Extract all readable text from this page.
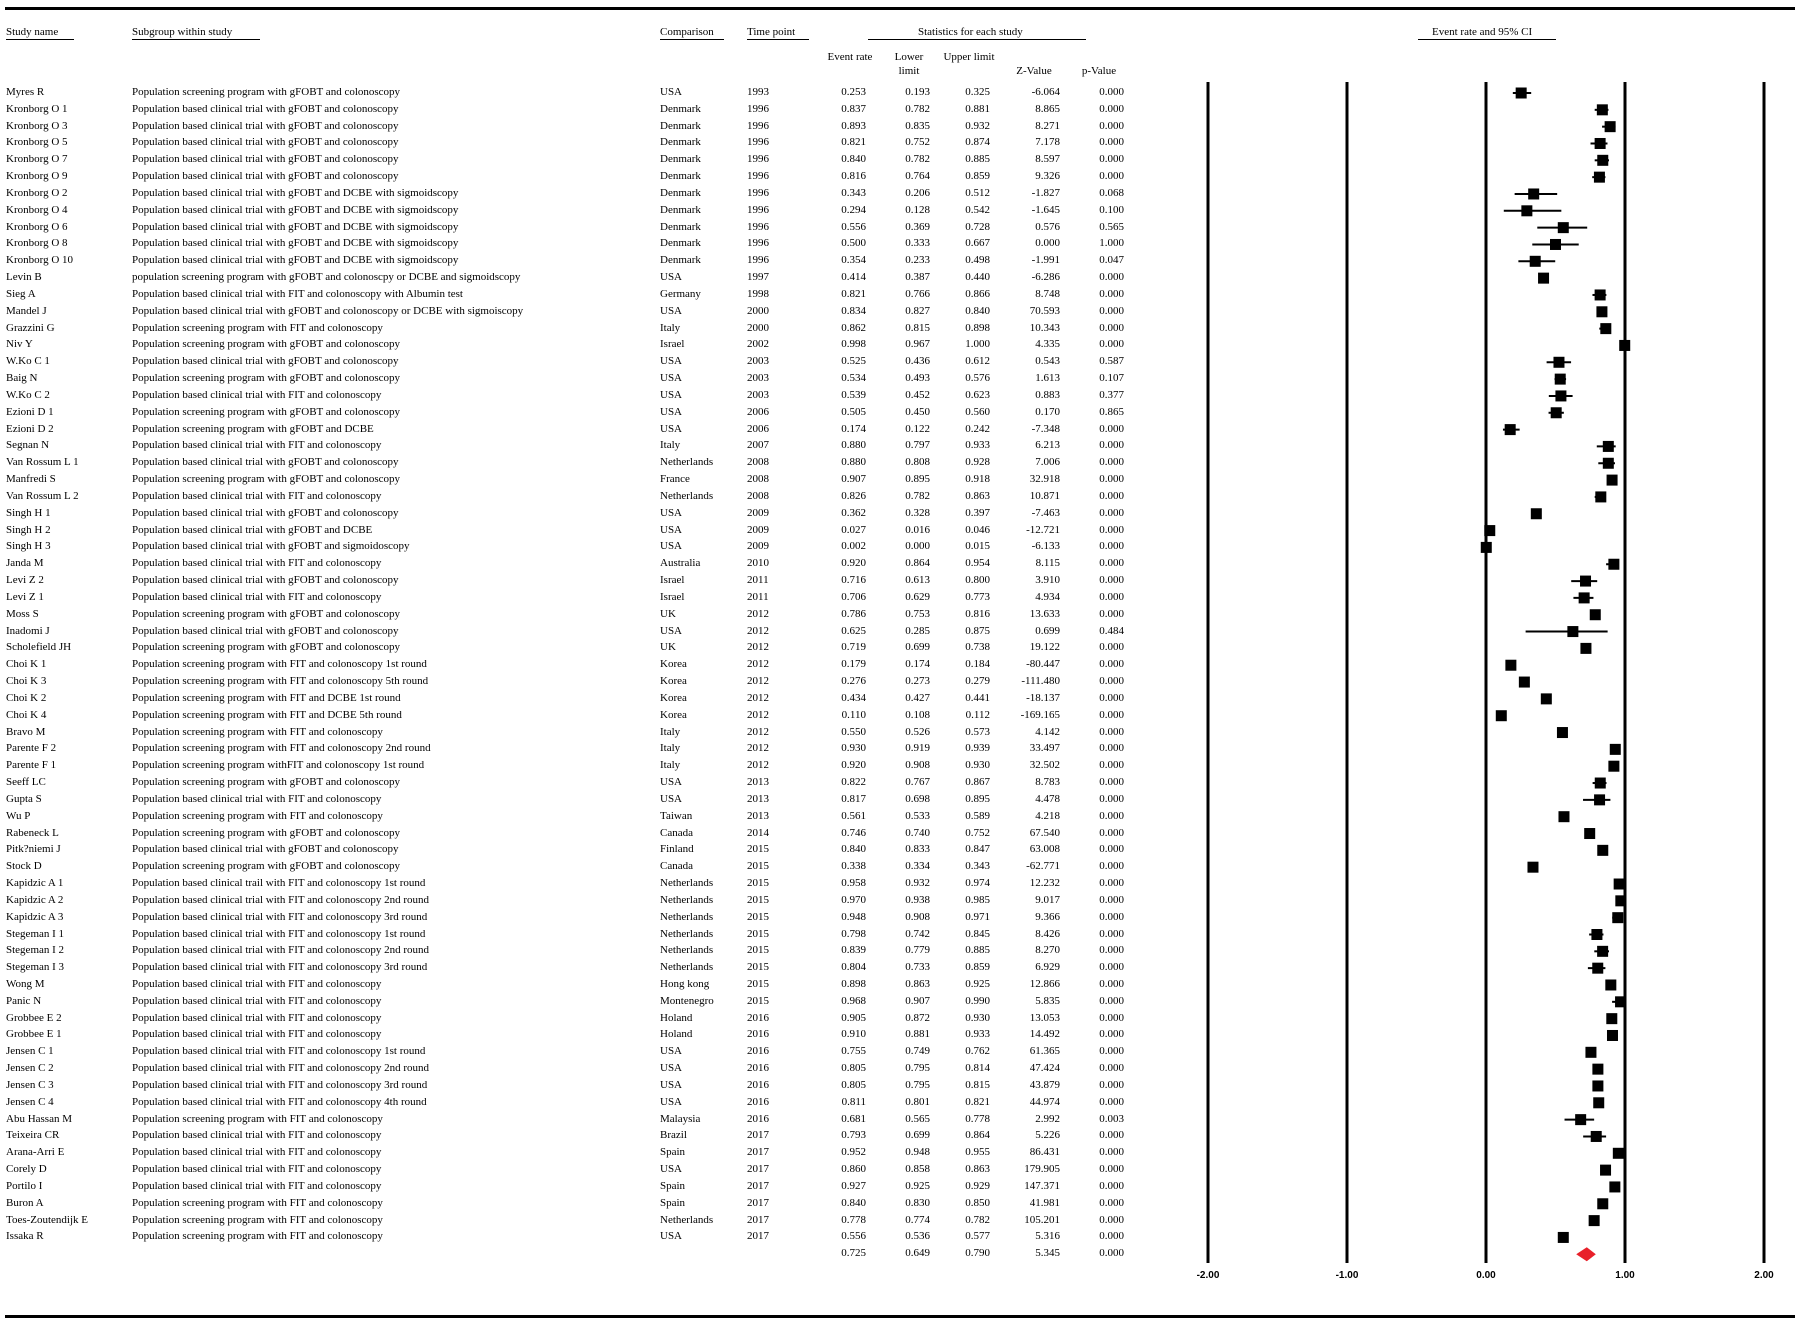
Study name	Subgroup within study	Comparison	Time point	Statistics for each study	Event rate and 95% CI
Event rate	Lower limit
Upper limit
Z-Value	p-Value
Myres R	Population screening program with gFOBT and colonoscopy	USA	1993	0.253	0.193	0.325	-6.064	0.000
Kronborg O 1	Population based clinical trial with gFOBT and colonoscopy	Denmark	1996	0.837	0.782	0.881	8.865	0.000
Kronborg O 3	Population based clinical trial with gFOBT and colonoscopy	Denmark	1996	0.893	0.835	0.932	8.271	0.000
Kronborg O 5	Population based clinical trial with gFOBT and colonoscopy	Denmark	1996	0.821	0.752	0.874	7.178	0.000
Kronborg O 7	Population based clinical trial with gFOBT and colonoscopy	Denmark	1996	0.840	0.782	0.885	8.597	0.000
Kronborg O 9	Population based clinical trial with gFOBT and colonoscopy	Denmark	1996	0.816	0.764	0.859	9.326	0.000
Kronborg O 2	Population based clinical trial with gFOBT and DCBE with sigmoidscopy	Denmark	1996	0.343	0.206	0.512	-1.827	0.068
Kronborg O 4	Population based clinical trial with gFOBT and DCBE with sigmoidscopy	Denmark	1996	0.294	0.128	0.542	-1.645	0.100
Kronborg O 6	Population based clinical trial with gFOBT and DCBE with sigmoidscopy	Denmark	1996	0.556	0.369	0.728	0.576	0.565
Kronborg O 8	Population based clinical trial with gFOBT and DCBE with sigmoidscopy	Denmark	1996	0.500	0.333	0.667	0.000	1.000
Kronborg O 10	Population based clinical trial with gFOBT and DCBE with sigmoidscopy	Denmark	1996	0.354	0.233	0.498	-1.991	0.047
Levin B	population screening program with gFOBT and colonoscpy or DCBE and sigmoidscopy	USA	1997	0.414	0.387	0.440	-6.286	0.000
Sieg A	Population based clinical trial with FIT and colonoscopy with Albumin test	Germany	1998	0.821	0.766	0.866	8.748	0.000
Mandel J	Population based clinical trial with gFOBT and colonoscopy or DCBE with sigmoiscopy	USA	2000	0.834	0.827	0.840	70.593	0.000
Grazzini G	Population screening program with FIT and colonoscopy	Italy	2000	0.862	0.815	0.898	10.343	0.000
Niv Y	Population screening program with gFOBT and colonoscopy	Israel	2002	0.998	0.967	1.000	4.335	0.000
W.Ko C 1	Population based clinical trial with gFOBT and colonoscopy	USA	2003	0.525	0.436	0.612	0.543	0.587
Baig N	Population screening program with gFOBT and colonoscopy	USA	2003	0.534	0.493	0.576	1.613	0.107
W.Ko C 2	Population based clinical trial with FIT and colonoscopy	USA	2003	0.539	0.452	0.623	0.883	0.377
Ezioni D 1	Population screening program with gFOBT and colonoscopy	USA	2006	0.505	0.450	0.560	0.170	0.865
Ezioni D 2	Population screening program with gFOBT and DCBE	USA	2006	0.174	0.122	0.242	-7.348	0.000
Segnan N	Population based clinical trial with FIT and colonoscopy	Italy	2007	0.880	0.797	0.933	6.213	0.000
Van Rossum L 1	Population based clinical trial with gFOBT and colonoscopy	Netherlands	2008	0.880	0.808	0.928	7.006	0.000
Manfredi S	Population screening program with gFOBT and colonoscopy	France	2008	0.907	0.895	0.918	32.918	0.000
Van Rossum L 2	Population based clinical trial with FIT and colonoscopy	Netherlands	2008	0.826	0.782	0.863	10.871	0.000
Singh H 1	Population based clinical trial with gFOBT and colonoscopy	USA	2009	0.362	0.328	0.397	-7.463	0.000
Singh H 2	Population based clinical trial with gFOBT and DCBE	USA	2009	0.027	0.016	0.046	-12.721	0.000
Singh H 3	Population based clinical trial with gFOBT and sigmoidoscopy	USA	2009	0.002	0.000	0.015	-6.133	0.000
Janda M	Population based clinical trial with FIT and colonoscopy	Australia	2010	0.920	0.864	0.954	8.115	0.000
Levi Z 2	Population based clinical trial with gFOBT and colonoscopy	Israel	2011	0.716	0.613	0.800	3.910	0.000
Levi Z 1	Population based clinical trial with FIT and colonoscopy	Israel	2011	0.706	0.629	0.773	4.934	0.000
Moss S	Population screening program with gFOBT and colonoscopy	UK	2012	0.786	0.753	0.816	13.633	0.000
Inadomi J	Population based clinical trial with gFOBT and colonoscopy	USA	2012	0.625	0.285	0.875	0.699	0.484
Scholefield JH	Population screening program with gFOBT and colonoscopy	UK	2012	0.719	0.699	0.738	19.122	0.000
Choi K 1	Population screening program with FIT and colonoscopy 1st round	Korea	2012	0.179	0.174	0.184	-80.447	0.000
Choi K 3	Population screening program with FIT and colonoscopy 5th round	Korea	2012	0.276	0.273	0.279	-111.480	0.000
Choi K 2	Population screening program with FIT and DCBE 1st round	Korea	2012	0.434	0.427	0.441	-18.137	0.000
Choi K 4	Population screening program with FIT and DCBE 5th round	Korea	2012	0.110	0.108	0.112	-169.165	0.000
Bravo M	Population screening program with FIT and colonoscopy	Italy	2012	0.550	0.526	0.573	4.142	0.000
Parente F 2	Population screening program with FIT and colonoscopy 2nd round	Italy	2012	0.930	0.919	0.939	33.497	0.000
Parente F 1	Population screening program withFIT and colonoscopy 1st round	Italy	2012	0.920	0.908	0.930	32.502	0.000
Seeff LC	Population screening program with gFOBT and colonoscopy	USA	2013	0.822	0.767	0.867	8.783	0.000
Gupta S	Population based clinical trial with FIT and colonoscopy	USA	2013	0.817	0.698	0.895	4.478	0.000
Wu P	Population screening program with FIT and colonoscopy	Taiwan	2013	0.561	0.533	0.589	4.218	0.000
Rabeneck L	Population screening program with gFOBT and colonoscopy	Canada	2014	0.746	0.740	0.752	67.540	0.000
Pitk?niemi J	Population based clinical trial with gFOBT and colonoscopy	Finland	2015	0.840	0.833	0.847	63.008	0.000
Stock D	Population screening program with gFOBT and colonoscopy	Canada	2015	0.338	0.334	0.343	-62.771	0.000
Kapidzic A 1	Population based clinical trail with FIT and colonoscopy 1st round	Netherlands	2015	0.958	0.932	0.974	12.232	0.000
Kapidzic A 2	Population based clinical trial with FIT and colonoscopy 2nd round	Netherlands	2015	0.970	0.938	0.985	9.017	0.000
Kapidzic A 3	Population based clinical trial with FIT and colonoscopy 3rd round	Netherlands	2015	0.948	0.908	0.971	9.366	0.000
Stegeman I 1	Population based clinical trial with FIT and colonoscopy 1st round	Netherlands	2015	0.798	0.742	0.845	8.426	0.000
Stegeman I 2	Population based clinical trial with FIT and colonoscopy 2nd round	Netherlands	2015	0.839	0.779	0.885	8.270	0.000
Stegeman I 3	Population based clinical trial with FIT and colonoscopy 3rd round	Netherlands	2015	0.804	0.733	0.859	6.929	0.000
Wong M	Population based clinical trial with FIT and colonoscopy	Hong kong	2015	0.898	0.863	0.925	12.866	0.000
Panic N	Population based clinical trial with FIT and colonoscopy	Montenegro	2015	0.968	0.907	0.990	5.835	0.000
Grobbee E 2	Population based clinical trial with FIT and colonoscopy	Holand	2016	0.905	0.872	0.930	13.053	0.000
Grobbee E 1	Population based clinical trial with FIT and colonoscopy	Holand	2016	0.910	0.881	0.933	14.492	0.000
Jensen C 1	Population based clinical trial with FIT and colonoscopy 1st round	USA	2016	0.755	0.749	0.762	61.365	0.000
Jensen C 2	Population based clinical trial with FIT and colonoscopy 2nd round	USA	2016	0.805	0.795	0.814	47.424	0.000
Jensen C 3	Population based clinical trial with FIT and colonoscopy 3rd round	USA	2016	0.805	0.795	0.815	43.879	0.000
Jensen C 4	Population based clinical trial with FIT and colonoscopy 4th round	USA	2016	0.811	0.801	0.821	44.974	0.000
Abu Hassan M	Population screening program with FIT and colonoscopy	Malaysia	2016	0.681	0.565	0.778	2.992	0.003
Teixeira CR	Population based clinical trial with FIT and colonoscopy	Brazil	2017	0.793	0.699	0.864	5.226	0.000
Arana-Arri E	Population based clinical trial with FIT and colonoscopy	Spain	2017	0.952	0.948	0.955	86.431	0.000
Corely D	Population based clinical trial with FIT and colonoscopy	USA	2017	0.860	0.858	0.863	179.905	0.000
Portilo I	Population based clinical trial with FIT and colonoscopy	Spain	2017	0.927	0.925	0.929	147.371	0.000
Buron A	Population screening program with FIT and colonoscopy	Spain	2017	0.840	0.830	0.850	41.981	0.000
Toes-Zoutendijk E	Population screening program with FIT and colonoscopy	Netherlands	2017	0.778	0.774	0.782	105.201	0.000
Issaka R	Population screening program with FIT and colonoscopy	USA	2017	0.556	0.536	0.577	5.316	0.000
0.725	0.649	0.790	5.345	0.000
-2.00	-1.00	0.00	1.00	2.00
